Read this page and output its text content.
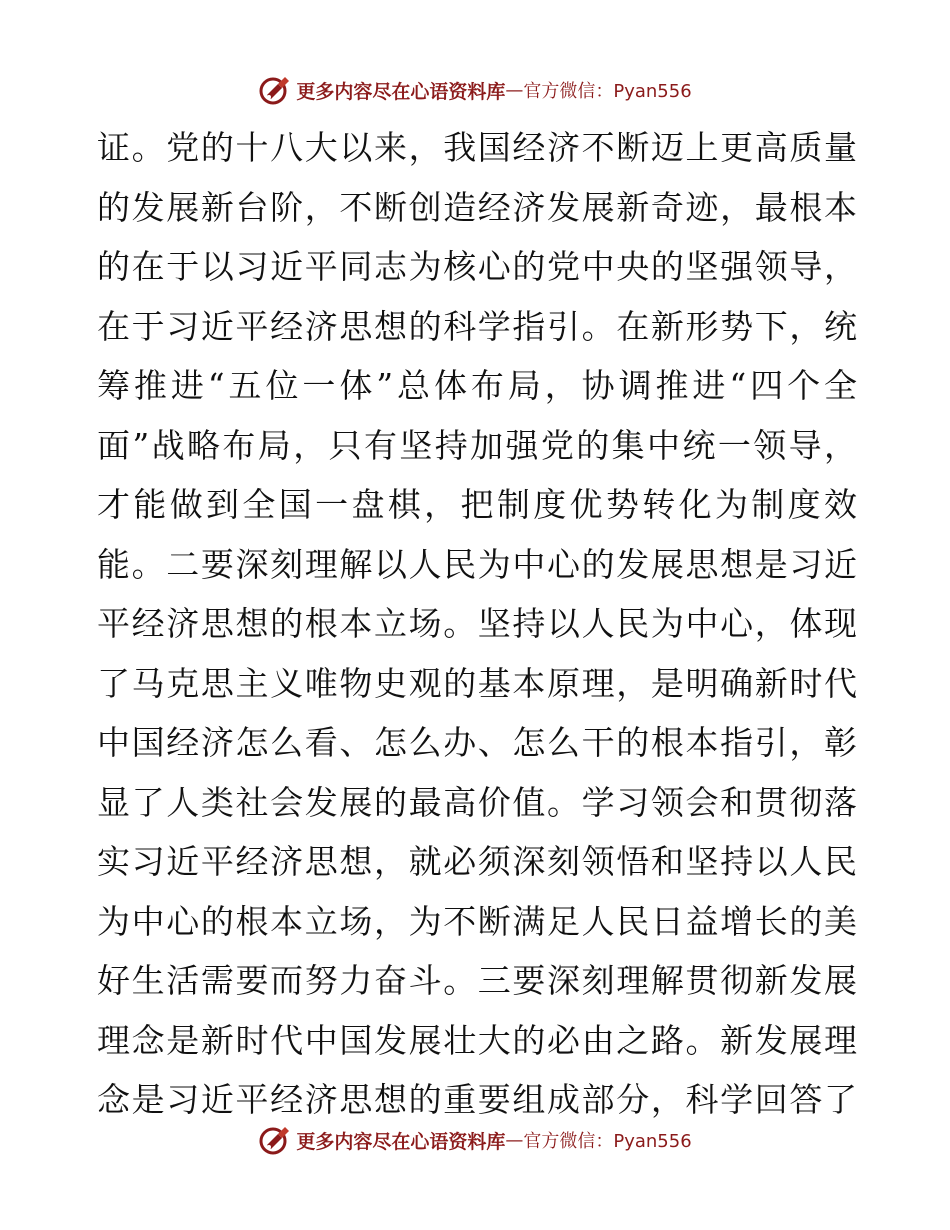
更多内容尽在心语资料库 — 官方微信：Pyan556
证。党的十八大以来，我国经济不断迈上更高质量
的发展新台阶，不断创造经济发展新奇迹，最根本
的在于以习近平同志为核心的党中央的坚强领导，
在于习近平经济思想的科学指引。在新形势下，统
筹推进“五位一体”总体布局，协调推进“四个全
面”战略布局，只有坚持加强党的集中统一领导，
才能做到全国一盘棋，把制度优势转化为制度效
能。二要深刻理解以人民为中心的发展思想是习近
平经济思想的根本立场。坚持以人民为中心，体现
了马克思主义唯物史观的基本原理，是明确新时代
中国经济怎么看、怎么办、怎么干的根本指引，彰
显了人类社会发展的最高价值。学习领会和贯彻落
实习近平经济思想，就必须深刻领悟和坚持以人民
为中心的根本立场，为不断满足人民日益增长的美
好生活需要而努力奋斗。三要深刻理解贯彻新发展
理念是新时代中国发展壮大的必由之路。新发展理
念是习近平经济思想的重要组成部分，科学回答了
更多内容尽在心语资料库 — 官方微信：Pyan556
